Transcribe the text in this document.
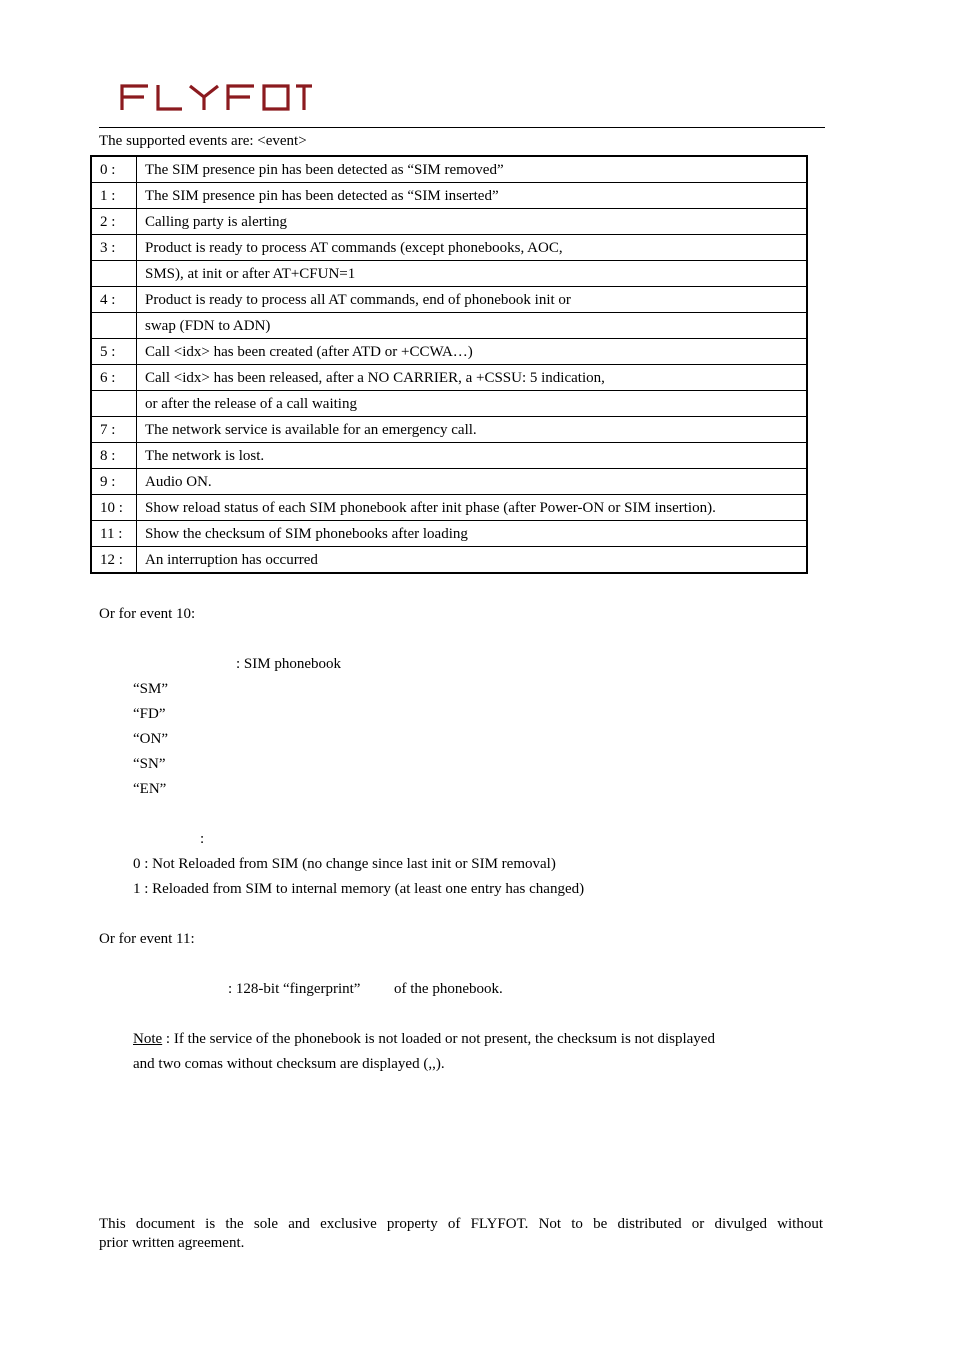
The supported events are: <event>
0 :	The SIM presence pin has been detected as “SIM removed”
1 :	The SIM presence pin has been detected as “SIM inserted”
2 :	Calling party is alerting
3 :	Product is ready to process AT commands (except phonebooks, AOC,
	SMS), at init or after AT+CFUN=1
4 :	Product is ready to process all AT commands, end of phonebook init or
	swap (FDN to ADN)
5 :	Call <idx> has been created (after ATD or +CCWA…)
6 :	Call <idx> has been released, after a NO CARRIER, a +CSSU: 5 indication,
	or after the release of a call waiting
7 :	The network service is available for an emergency call.
8 :	The network is lost.
9 :	Audio ON.
10 :	Show reload status of each SIM phonebook after init phase (after Power-ON or SIM insertion).
11 :	Show the checksum of SIM phonebooks after loading
12 :	An interruption has occurred
Or for event 10:
: SIM phonebook
“SM”
“FD”
“ON”
“SN”
“EN”
:
0 : Not Reloaded from SIM (no change since last init or SIM removal)
1 : Reloaded from SIM to internal memory (at least one entry has changed)
Or for event 11:
: 128-bit “fingerprint” of the phonebook.
Note : If the service of the phonebook is not loaded or not present, the checksum is not displayed
and two comas without checksum are displayed (,,).
This document is the sole and exclusive property of FLYFOT. Not to be distributed or divulged without
prior written agreement.
